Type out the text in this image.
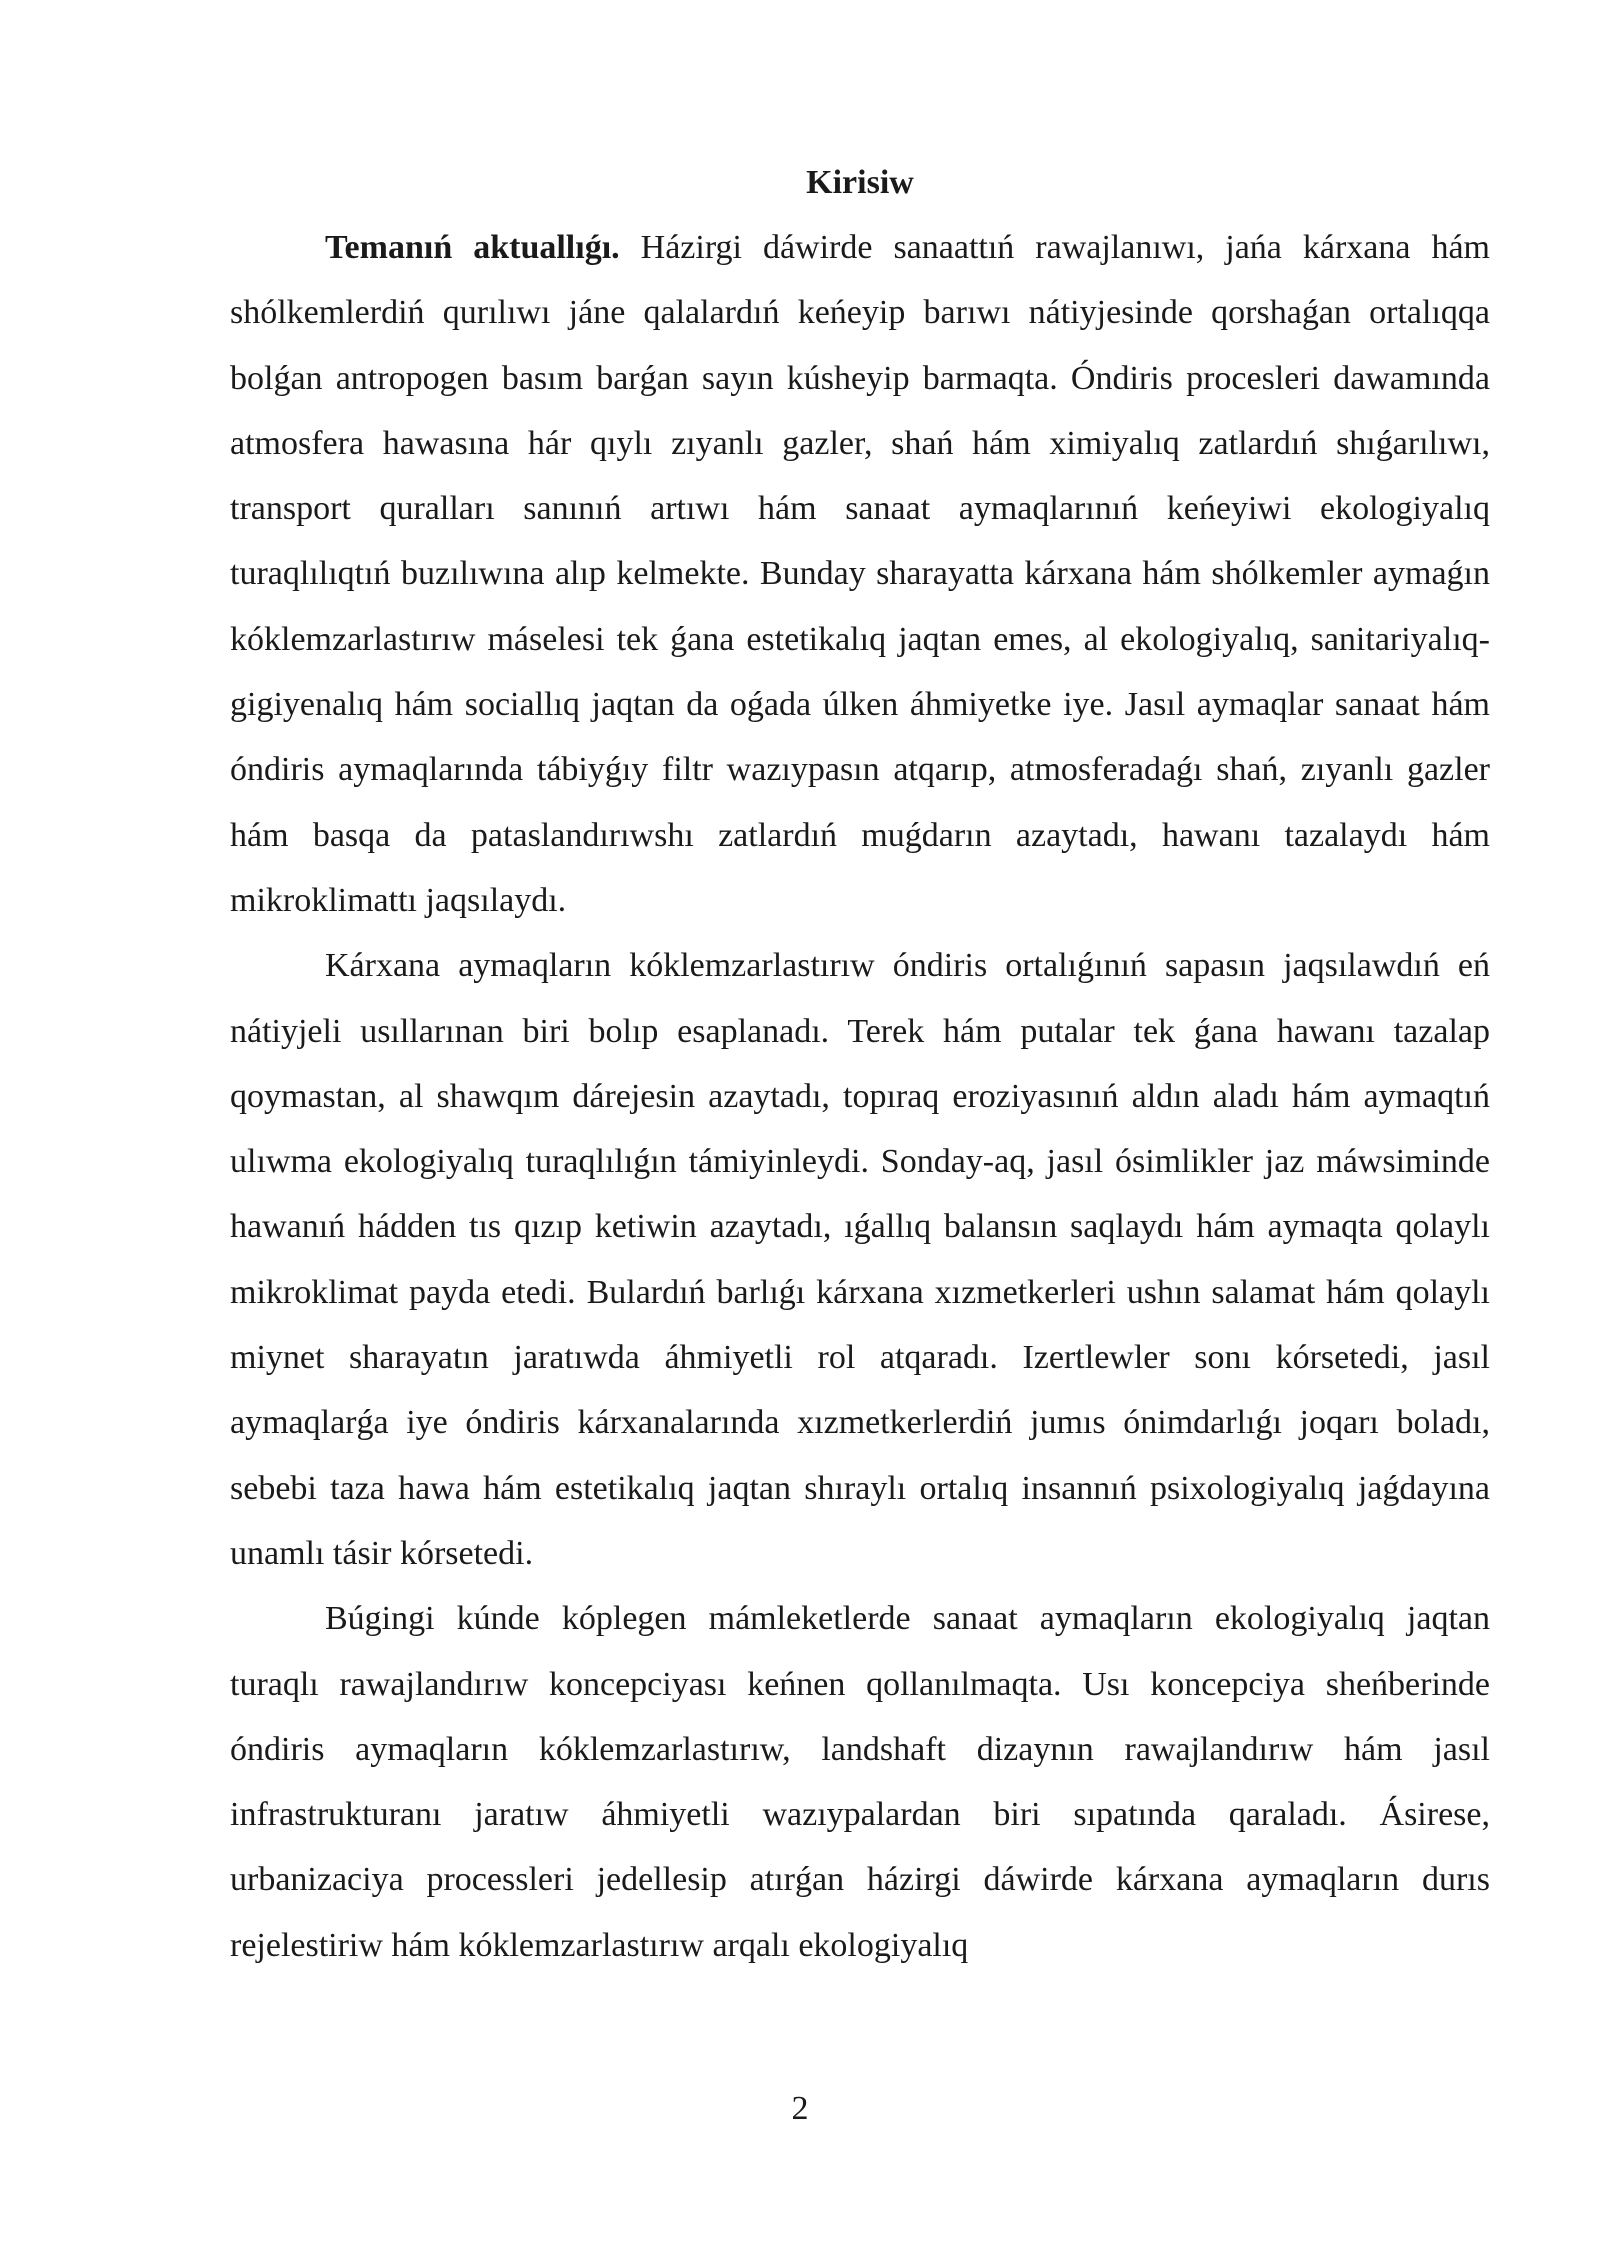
Kirisiw

Temanıń aktuallıǵı. Házirgi dáwirde sanaattıń rawajlanıwı, jańa kárxana hám shólkemlerdiń qurılıwı jáne qalalardıń keńeyip barıwı nátiyjesinde qorshaǵan ortalıqqa bolǵan antropogen basım barǵan sayın kúsheyip barmaqta. Óndiris procesleri dawamında atmosfera hawasına hár qıylı zıyanlı gazler, shań hám ximiyalıq zatlardıń shıǵarılıwı, transport quralları sanınıń artıwı hám sanaat aymaqlarınıń keńeyiwi ekologiyalıq turaqlılıqtıń buzılıwına alıp kelmekte. Bunday sharayatta kárxana hám shólkemler aymaǵın kóklemzarlastırıw máselesi tek ǵana estetikalıq jaqtan emes, al ekologiyalıq, sanitariyalıq-gigiyenalıq hám sociallıq jaqtan da oǵada úlken áhmiyetke iye. Jasıl aymaqlar sanaat hám óndiris aymaqlarında tábiyǵıy filtr wazıypasın atqarıp, atmosferadaǵı shań, zıyanlı gazler hám basqa da pataslandırıwshı zatlardıń muǵdarın azaytadı, hawanı tazalaydı hám mikroklimattı jaqsılaydı.

Kárxana aymaqların kóklemzarlastırıw óndiris ortalıǵınıń sapasın jaqsılawdıń eń nátiyjeli usıllarınan biri bolıp esaplanadı. Terek hám putalar tek ǵana hawanı tazalap qoymastan, al shawqım dárejesin azaytadı, topıraq eroziyasınıń aldın aladı hám aymaqtıń ulıwma ekologiyalıq turaqlılıǵın támiyinleydi. Sonday-aq, jasıl ósimlikler jaz máwsiminde hawanıń hádden tıs qızıp ketiwin azaytadı, ıǵallıq balansın saqlaydı hám aymaqta qolaylı mikroklimat payda etedi. Bulardıń barlıǵı kárxana xızmetkerleri ushın salamat hám qolaylı miynet sharayatın jaratıwda áhmiyetli rol atqaradı. Izertlewler sonı kórsetedi, jasıl aymaqlarǵa iye óndiris kárxanalarında xızmetkerlerdiń jumıs ónimdarlıǵı joqarı boladı, sebebi taza hawa hám estetikalıq jaqtan shıraylı ortalıq insannıń psixologiyalıq jaǵdayına unamlı tásir kórsetedi.

Búgingi kúnde kóplegen mámleketlerde sanaat aymaqların ekologiyalıq jaqtan turaqlı rawajlandırıw koncepciyası keńnen qollanılmaqta. Usı koncepciya sheńberinde óndiris aymaqların kóklemzarlastırıw, landshaft dizaynın rawajlandırıw hám jasıl infrastrukturanı jaratıw áhmiyetli wazıypalardan biri sıpatında qaraladı. Ásirese, urbanizaciya processleri jedellesip atırǵan házirgi dáwirde kárxana aymaqların durıs rejelestiriw hám kóklemzarlastırıw arqalı ekologiyalıq

2
